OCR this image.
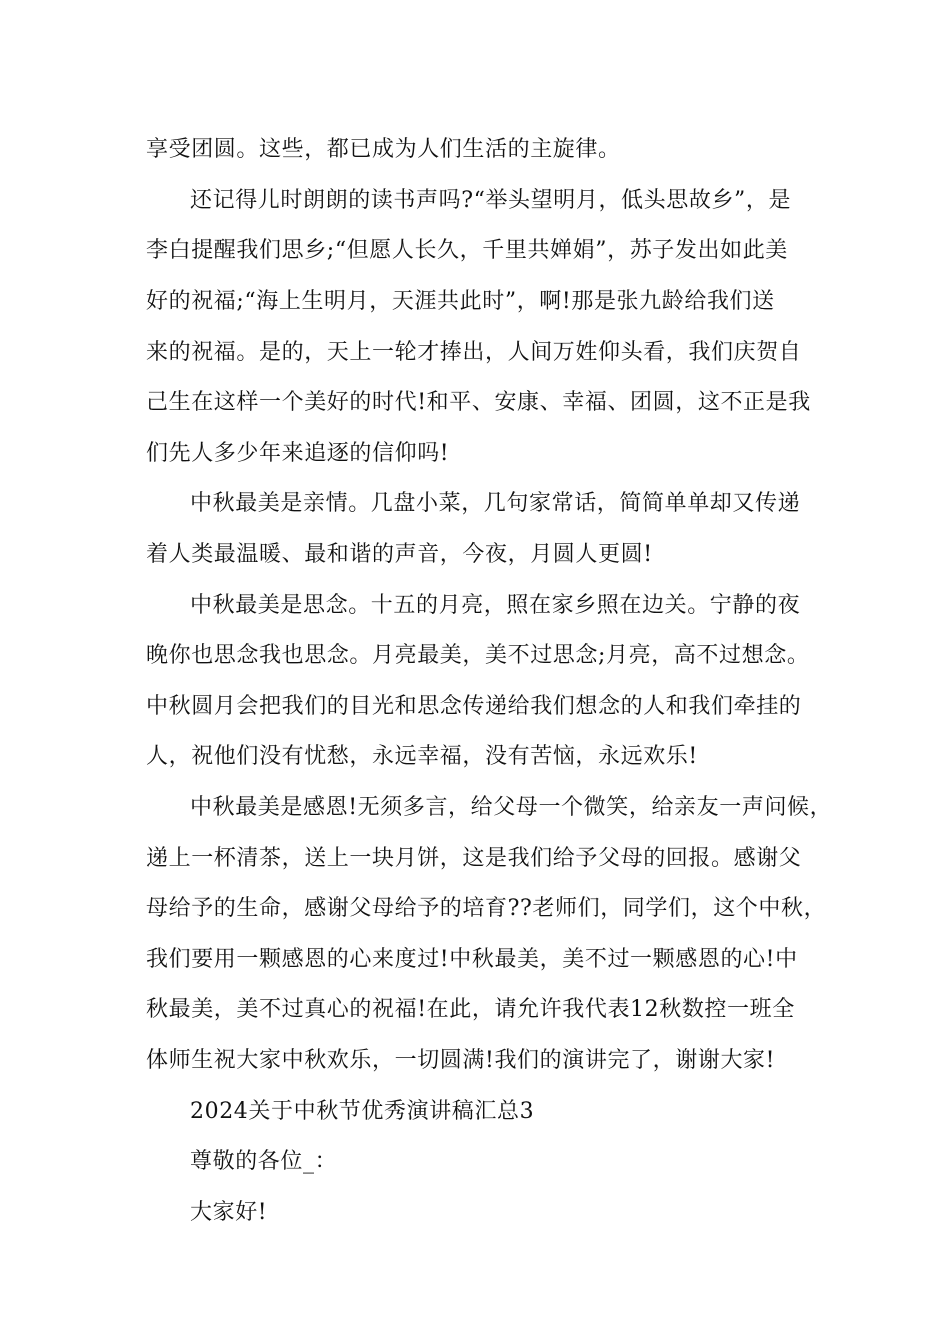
享受团圆。这些，都已成为人们生活的主旋律。
还记得儿时朗朗的读书声吗?“举头望明月，低头思故乡”，是
李白提醒我们思乡;“但愿人长久，千里共婵娟”，苏子发出如此美
好的祝福;“海上生明月，天涯共此时”，啊!那是张九龄给我们送
来的祝福。是的，天上一轮才捧出，人间万姓仰头看，我们庆贺自
己生在这样一个美好的时代!和平、安康、幸福、团圆，这不正是我
们先人多少年来追逐的信仰吗!
中秋最美是亲情。几盘小菜，几句家常话，简简单单却又传递
着人类最温暖、最和谐的声音，今夜，月圆人更圆!
中秋最美是思念。十五的月亮，照在家乡照在边关。宁静的夜
晚你也思念我也思念。月亮最美，美不过思念;月亮，高不过想念。
中秋圆月会把我们的目光和思念传递给我们想念的人和我们牵挂的
人，祝他们没有忧愁，永远幸福，没有苦恼，永远欢乐!
中秋最美是感恩!无须多言，给父母一个微笑，给亲友一声问候，
递上一杯清茶，送上一块月饼，这是我们给予父母的回报。感谢父
母给予的生命，感谢父母给予的培育??老师们，同学们，这个中秋，
我们要用一颗感恩的心来度过!中秋最美，美不过一颗感恩的心!中
秋最美，美不过真心的祝福!在此，请允许我代表12秋数控一班全
体师生祝大家中秋欢乐，一切圆满!我们的演讲完了，谢谢大家!
2024关于中秋节优秀演讲稿汇总3
尊敬的各位_：
大家好!
